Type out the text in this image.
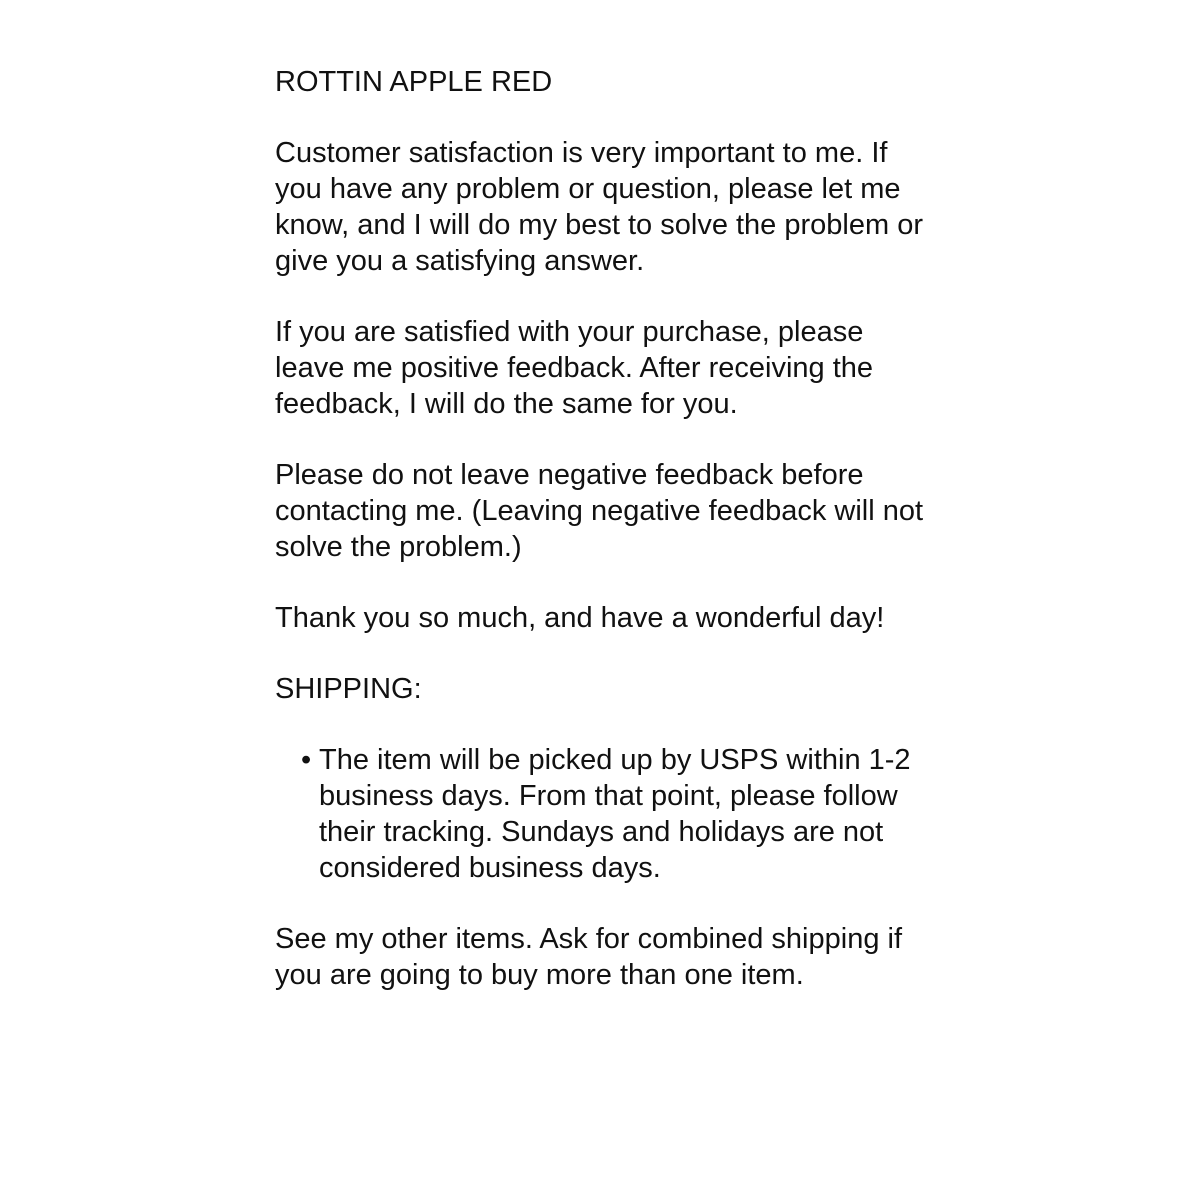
ROTTIN APPLE RED

Customer satisfaction is very important to me. If you have any problem or question, please let me know, and I will do my best to solve the problem or give you a satisfying answer.

If you are satisfied with your purchase, please leave me positive feedback. After receiving the feedback, I will do the same for you.

Please do not leave negative feedback before contacting me. (Leaving negative feedback will not solve the problem.)

Thank you so much, and have a wonderful day!

SHIPPING:

• The item will be picked up by USPS within 1-2 business days. From that point, please follow their tracking. Sundays and holidays are not considered business days.

See my other items. Ask for combined shipping if you are going to buy more than one item.
